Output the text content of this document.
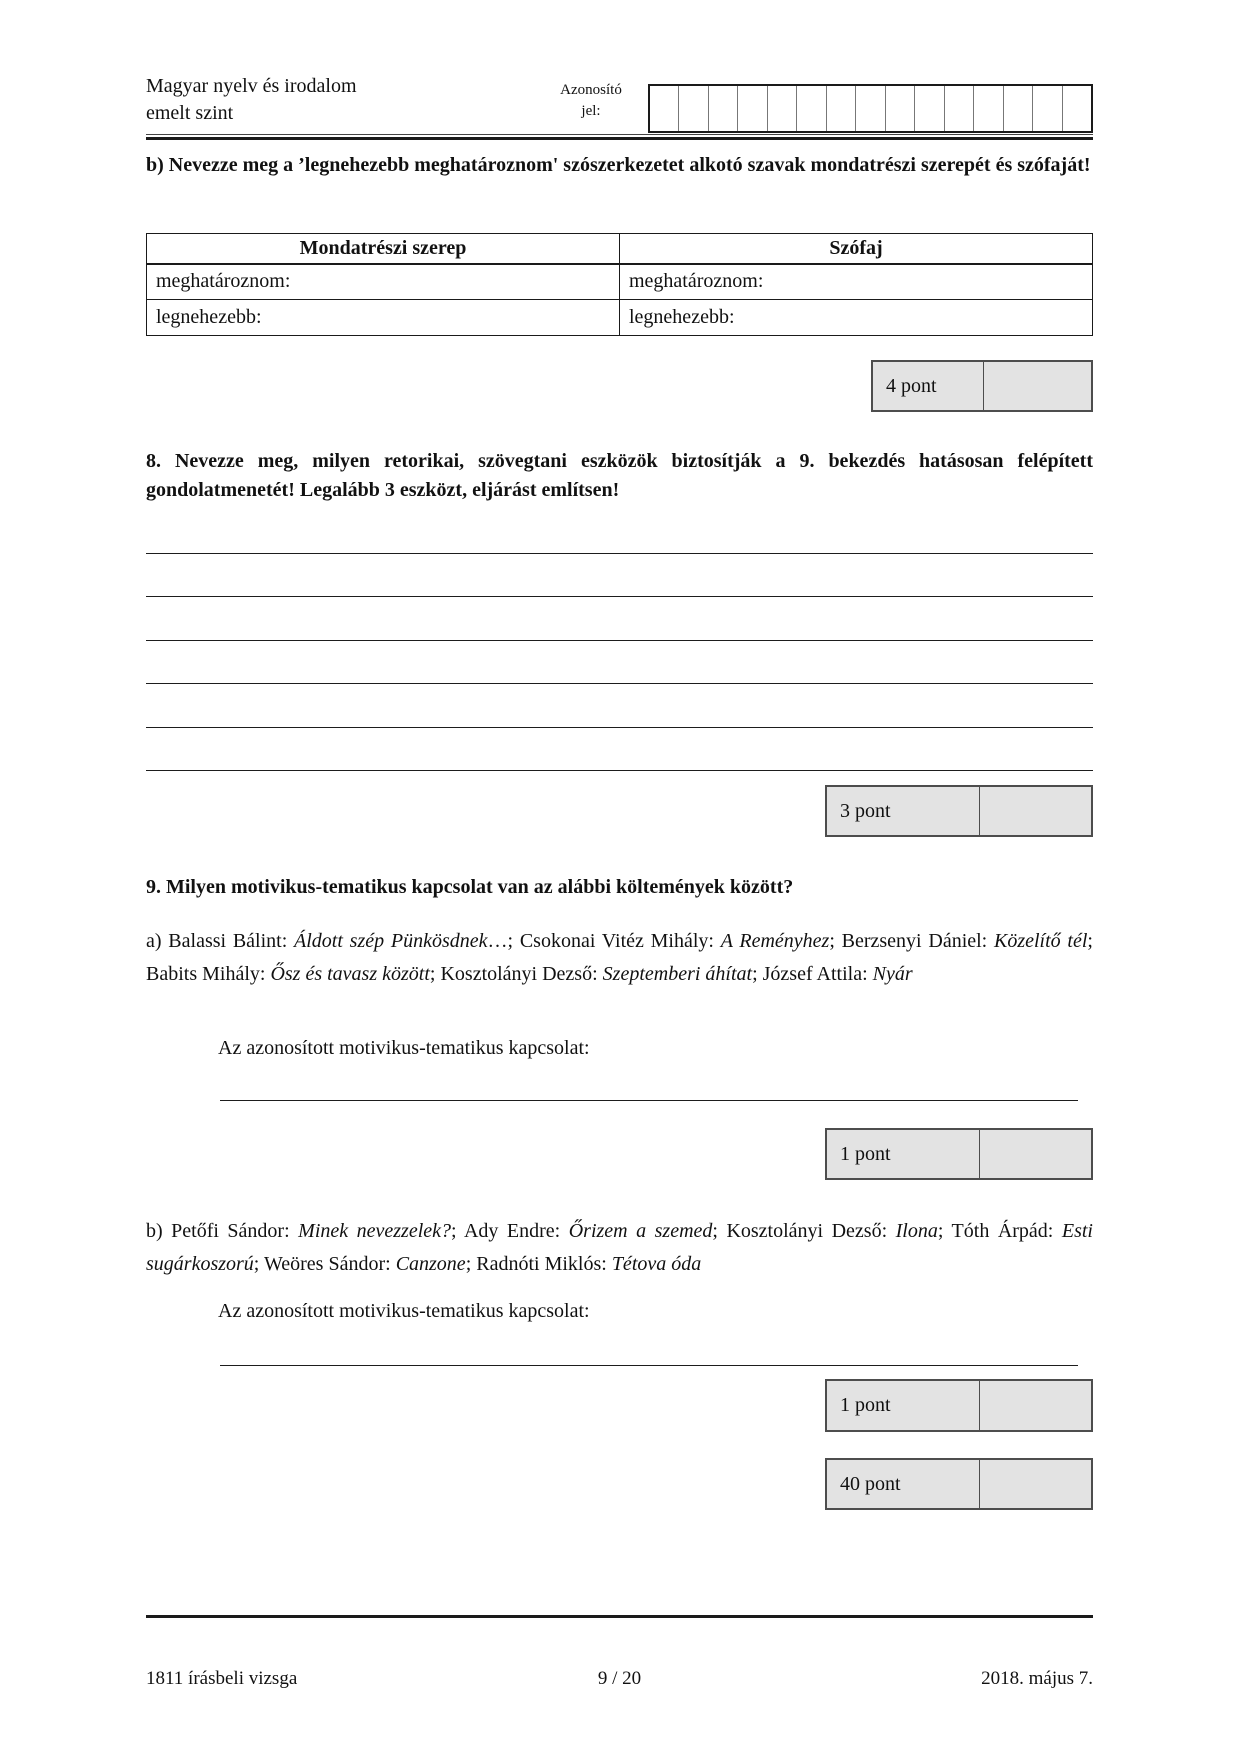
Magyar nyelv és irodalom
emelt szint
Azonosító
jel:
b) Nevezze meg a ’legnehezebb meghatároznom' szószerkezetet alkotó szavak mondatrészi szerepét és szófaját!
Mondatrészi szerep	Szófaj
meghatároznom:	meghatároznom:
legnehezebb:	legnehezebb:
4 pont
8. Nevezze meg, milyen retorikai, szövegtani eszközök biztosítják a 9. bekezdés hatásosan felépített gondolatmenetét! Legalább 3 eszközt, eljárást említsen!
3 pont
9. Milyen motivikus-tematikus kapcsolat van az alábbi költemények között?
a) Balassi Bálint: Áldott szép Pünkösdnek…; Csokonai Vitéz Mihály: A Reményhez; Berzsenyi Dániel: Közelítő tél; Babits Mihály: Ősz és tavasz között; Kosztolányi Dezső: Szeptemberi áhítat; József Attila: Nyár
Az azonosított motivikus-tematikus kapcsolat:
1 pont
b) Petőfi Sándor: Minek nevezzelek?; Ady Endre: Őrizem a szemed; Kosztolányi Dezső: Ilona; Tóth Árpád: Esti sugárkoszorú; Weöres Sándor: Canzone; Radnóti Miklós: Tétova óda
Az azonosított motivikus-tematikus kapcsolat:
1 pont
40 pont
1811 írásbeli vizsga	9 / 20	2018. május 7.
